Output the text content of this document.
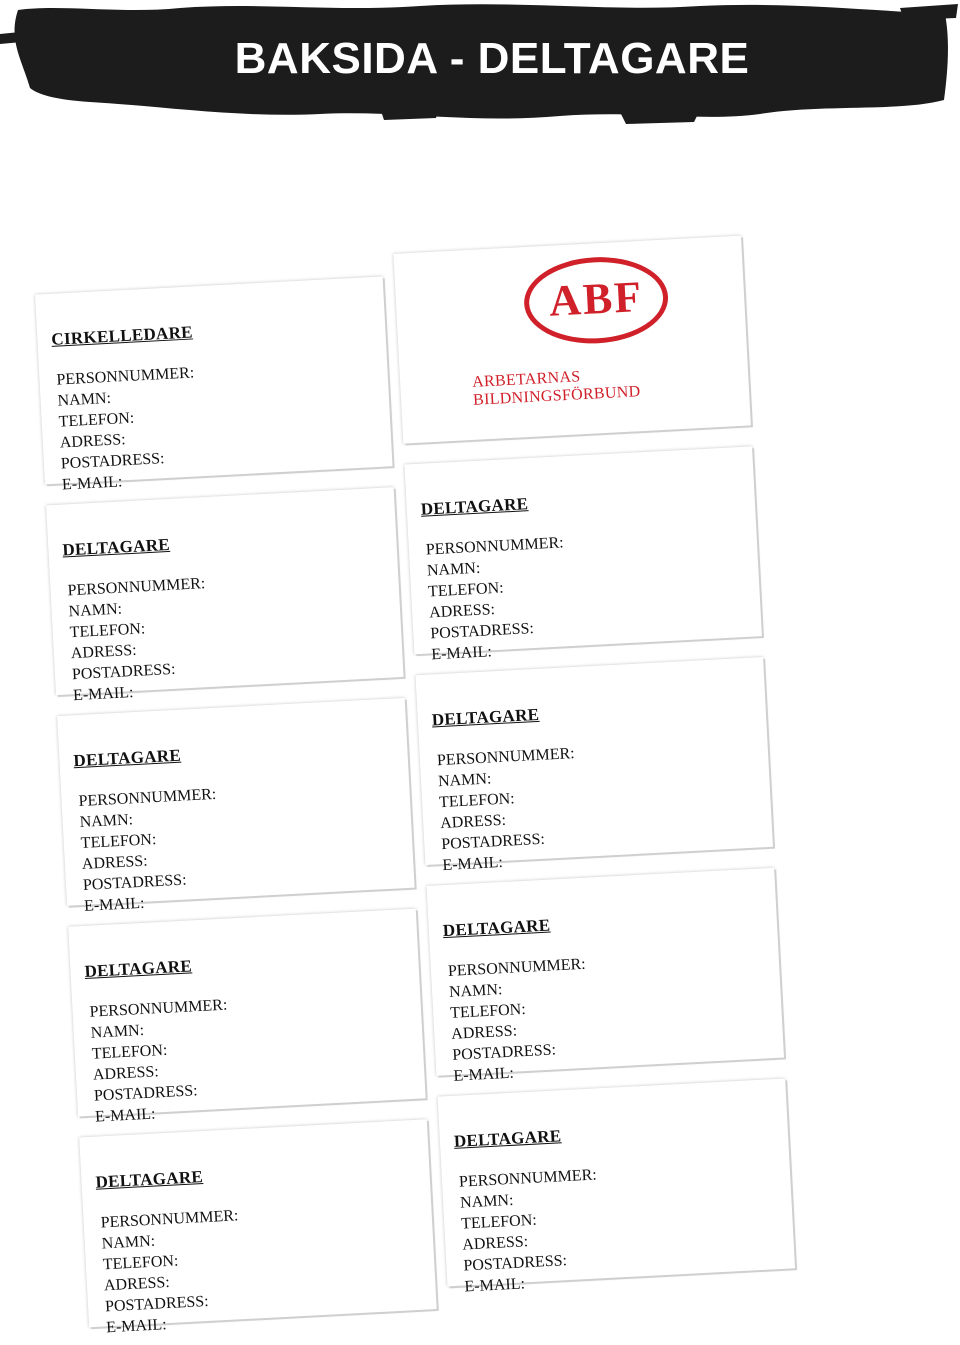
BAKSIDA - DELTAGARE
CIRKELLEDARE
PERSONNUMMER:
NAMN:
TELEFON:
ADRESS:
POSTADRESS:
E-MAIL:
ABF
ARBETARNAS BILDNINGSFÖRBUND
DELTAGARE
PERSONNUMMER:
NAMN:
TELEFON:
ADRESS:
POSTADRESS:
E-MAIL:
DELTAGARE
PERSONNUMMER:
NAMN:
TELEFON:
ADRESS:
POSTADRESS:
E-MAIL:
DELTAGARE
PERSONNUMMER:
NAMN:
TELEFON:
ADRESS:
POSTADRESS:
E-MAIL:
DELTAGARE
PERSONNUMMER:
NAMN:
TELEFON:
ADRESS:
POSTADRESS:
E-MAIL:
DELTAGARE
PERSONNUMMER:
NAMN:
TELEFON:
ADRESS:
POSTADRESS:
E-MAIL:
DELTAGARE
PERSONNUMMER:
NAMN:
TELEFON:
ADRESS:
POSTADRESS:
E-MAIL:
DELTAGARE
PERSONNUMMER:
NAMN:
TELEFON:
ADRESS:
POSTADRESS:
E-MAIL:
DELTAGARE
PERSONNUMMER:
NAMN:
TELEFON:
ADRESS:
POSTADRESS:
E-MAIL:
